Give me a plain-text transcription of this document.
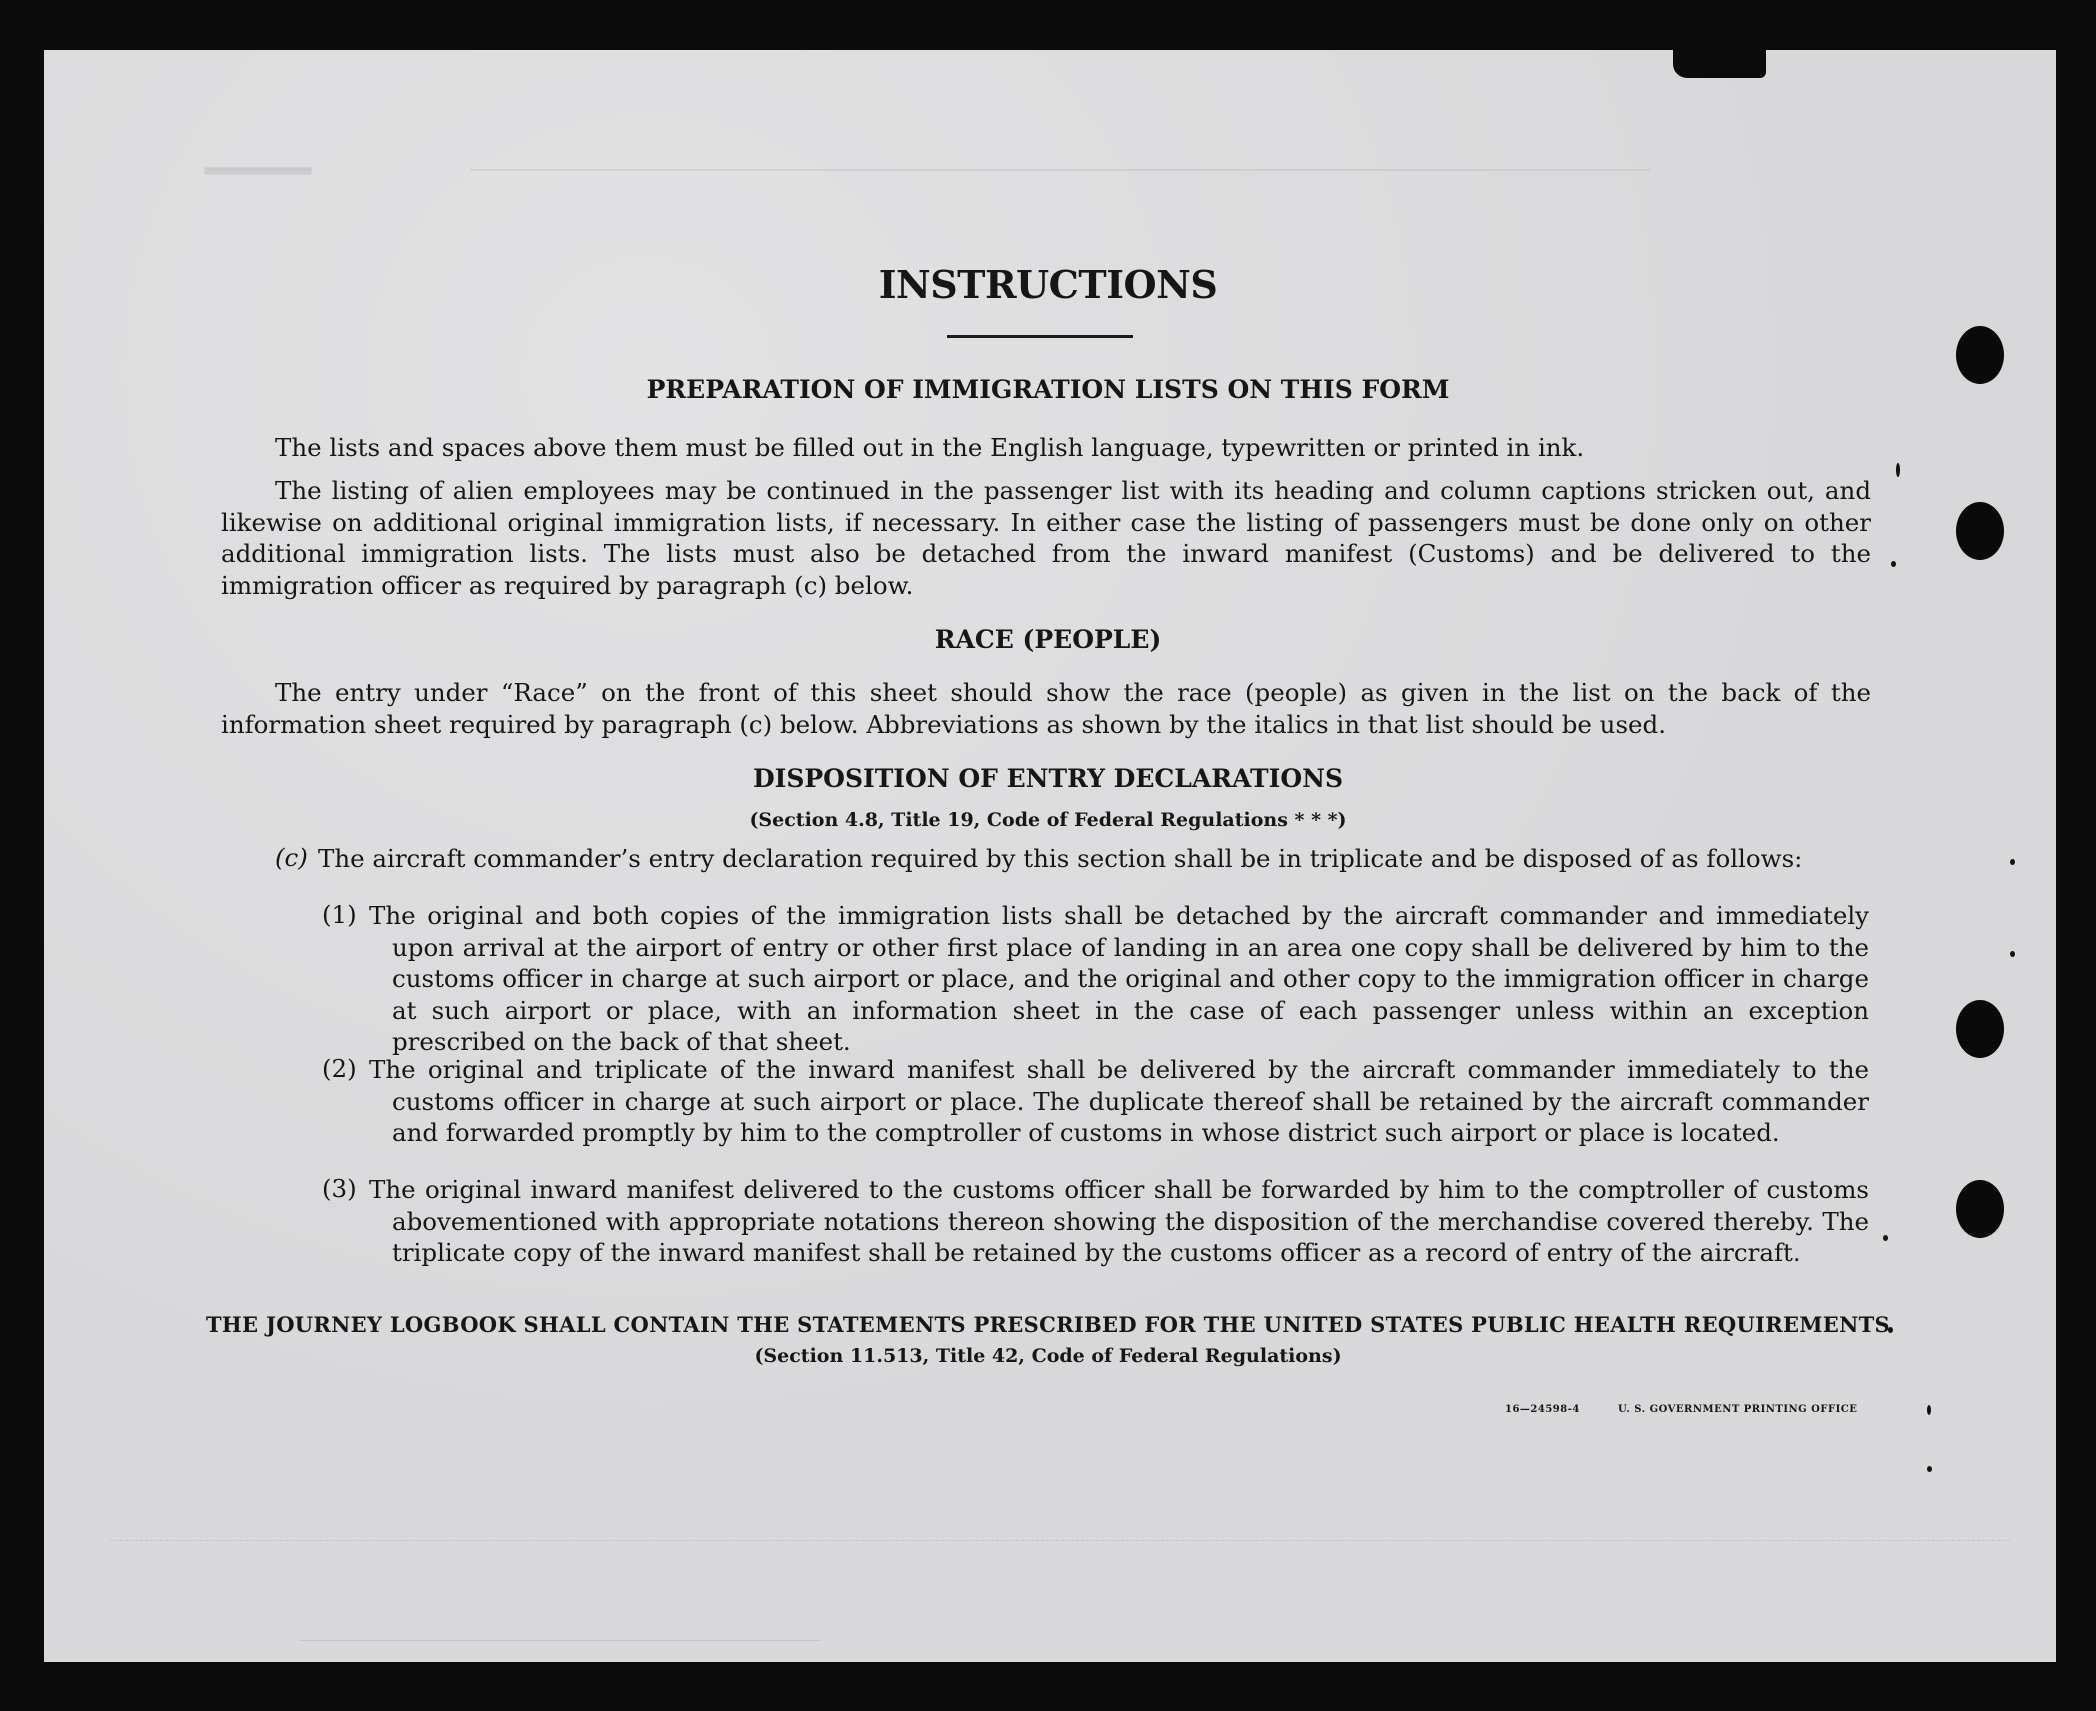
▁▁▁
INSTRUCTIONS
PREPARATION OF IMMIGRATION LISTS ON THIS FORM
The lists and spaces above them must be filled out in the English language, typewritten or printed in ink.
The listing of alien employees may be continued in the passenger list with its heading and column captions stricken out, and likewise on additional original immigration lists, if necessary. In either case the listing of passengers must be done only on other additional immigration lists. The lists must also be detached from the inward manifest (Customs) and be delivered to the immigration officer as required by paragraph (c) below.
RACE (PEOPLE)
The entry under “Race” on the front of this sheet should show the race (people) as given in the list on the back of the information sheet required by paragraph (c) below. Abbreviations as shown by the italics in that list should be used.
DISPOSITION OF ENTRY DECLARATIONS
(Section 4.8, Title 19, Code of Federal Regulations * * *)
(c) The aircraft commander’s entry declaration required by this section shall be in triplicate and be disposed of as follows:
(1) The original and both copies of the immigration lists shall be detached by the aircraft commander and immediately upon arrival at the airport of entry or other first place of landing in an area one copy shall be delivered by him to the customs officer in charge at such airport or place, and the original and other copy to the immigration officer in charge at such airport or place, with an information sheet in the case of each passenger unless within an exception prescribed on the back of that sheet.
(2) The original and triplicate of the inward manifest shall be delivered by the aircraft commander immediately to the customs officer in charge at such airport or place. The duplicate thereof shall be retained by the aircraft commander and forwarded promptly by him to the comptroller of customs in whose district such airport or place is located.
(3) The original inward manifest delivered to the customs officer shall be forwarded by him to the comptroller of customs abovementioned with appropriate notations thereon showing the disposition of the merchandise covered thereby. The triplicate copy of the inward manifest shall be retained by the customs officer as a record of entry of the aircraft.
THE JOURNEY LOGBOOK SHALL CONTAIN THE STATEMENTS PRESCRIBED FOR THE UNITED STATES PUBLIC HEALTH REQUIREMENTS
(Section 11.513, Title 42, Code of Federal Regulations)
16—24598-4	U. S. GOVERNMENT PRINTING OFFICE
